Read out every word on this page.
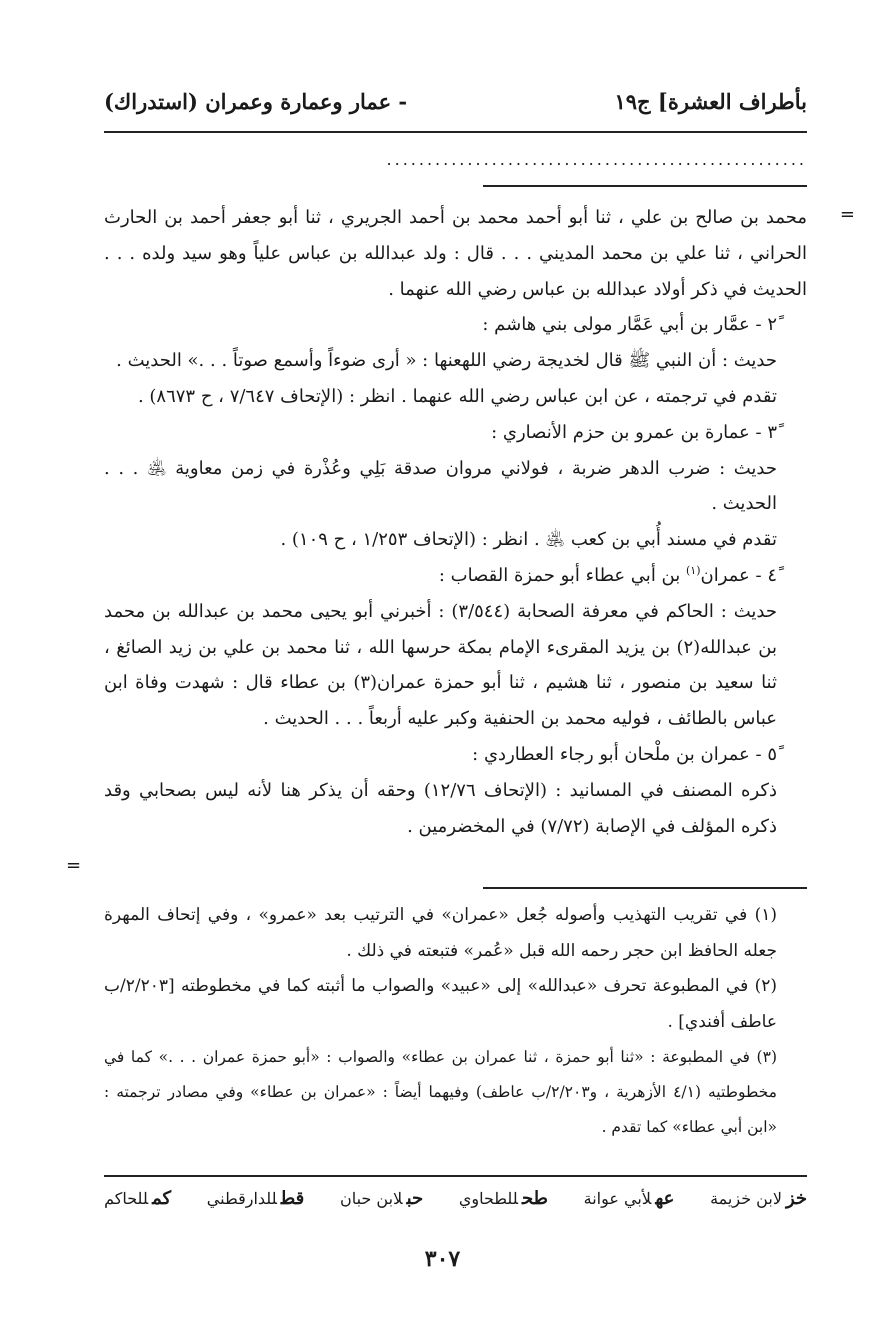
بأطراف العشرة] ج١٩
- عمار وعمارة وعمران (استدراك)
....................................................
=
=

محمد بن صالح بن علي ، ثنا أبو أحمد محمد بن أحمد الجريري ، ثنا أبو جعفر أحمد بن الحارث الحراني ، ثنا علي بن محمد المديني . . . قال : ولد عبدالله بن عباس علياً وهو سيد ولده . . . الحديث في ذكر أولاد عبدالله بن عباس رضي الله عنهما .

٢ً - عمَّار بن أبي عَمَّار مولى بني هاشم :

حديث : أن النبي ﷺ قال لخديجة رضي اللهعنها : « أرى ضوءاً وأسمع صوتاً . . .» الحديث .

تقدم في ترجمته ، عن ابن عباس رضي الله عنهما . انظر : (الإتحاف ٧/٦٤٧ ، ح ٨٦٧٣) .

٣ً - عمارة بن عمرو بن حزم الأنصاري :

حديث : ضرب الدهر ضربة ، فولاني مروان صدقة بَلِي وعُذْرة في زمن معاوية ﵁ . . . الحديث .

تقدم في مسند أُبي بن كعب ﵁ . انظر : (الإتحاف ١/٢٥٣ ، ح ١٠٩) .

٤ً - عمران$^{(١)}$ بن أبي عطاء أبو حمزة القصاب :

حديث : الحاكم في معرفة الصحابة (٣/٥٤٤) : أخبرني أبو يحيى محمد بن عبدالله بن محمد بن عبدالله(٢) بن يزيد المقرىء الإمام بمكة حرسها الله ، ثنا محمد بن علي بن زيد الصائغ ، ثنا سعيد بن منصور ، ثنا هشيم ، ثنا أبو حمزة عمران(٣) بن عطاء قال : شهدت وفاة ابن عباس بالطائف ، فوليه محمد بن الحنفية وكبر عليه أربعاً . . . الحديث .

٥ً - عمران بن ملْحان أبو رجاء العطاردي :

ذكره المصنف في المسانيد : (الإتحاف ١٢/٧٦) وحقه أن يذكر هنا لأنه ليس بصحابي وقد ذكره المؤلف في الإصابة (٧/٧٢) في المخضرمين .

(١) في تقريب التهذيب وأصوله جُعل «عمران» في الترتيب بعد «عمرو» ، وفي إتحاف المهرة جعله الحافظ ابن حجر رحمه الله قبل «عُمر» فتبعته في ذلك .

(٢) في المطبوعة تحرف «عبدالله» إلى «عبيد» والصواب ما أثبته كما في مخطوطته [٢/٢٠٣/ب عاطف أفندي] .

(٣) في المطبوعة : «ثنا أبو حمزة ، ثنا عمران بن عطاء» والصواب : «أبو حمزة عمران . . .» كما في مخطوطتيه (٤/١ الأزهرية ، و٢/٢٠٣/ب عاطف) وفيهما أيضاً : «عمران بن عطاء» وفي مصادر ترجمته : «ابن أبي عطاء» كما تقدم .

خزلابن خزيمة
عهلأبي عوانة
طحللطحاوي
حبلابن حبان
قطللدارقطني
كمللحاكم
٣٠٧
